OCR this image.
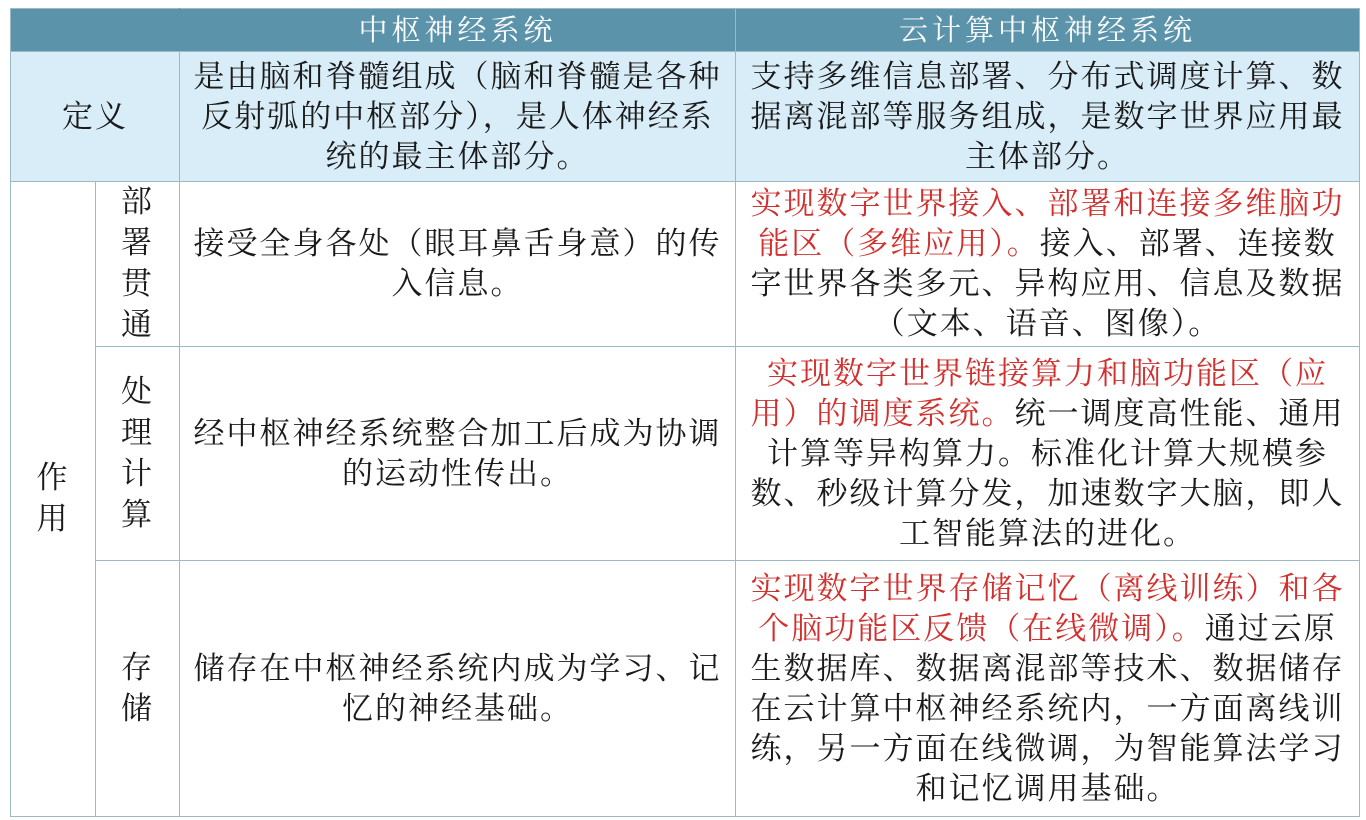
		中枢神经系统	云计算中枢神经系统
定义		是由脑和脊髓组成（脑和脊髓是各种反射弧的中枢部分），是人体神经系统的最主体部分。	支持多维信息部署、分布式调度计算、数据离混部等服务组成，是数字世界应用最主体部分。
作用	部署贯通	接受全身各处（眼耳鼻舌身意）的传入信息。	实现数字世界接入、部署和连接多维脑功能区（多维应用）。接入、部署、连接数字世界各类多元、异构应用、信息及数据（文本、语音、图像）。
	处理计算	经中枢神经系统整合加工后成为协调的运动性传出。	实现数字世界链接算力和脑功能区（应用）的调度系统。统一调度高性能、通用计算等异构算力。标准化计算大规模参数、秒级计算分发，加速数字大脑，即人工智能算法的进化。
	存储	储存在中枢神经系统内成为学习、记忆的神经基础。	实现数字世界存储记忆（离线训练）和各个脑功能区反馈（在线微调）。通过云原生数据库、数据离混部等技术、数据储存在云计算中枢神经系统内，一方面离线训练，另一方面在线微调，为智能算法学习和记忆调用基础。
